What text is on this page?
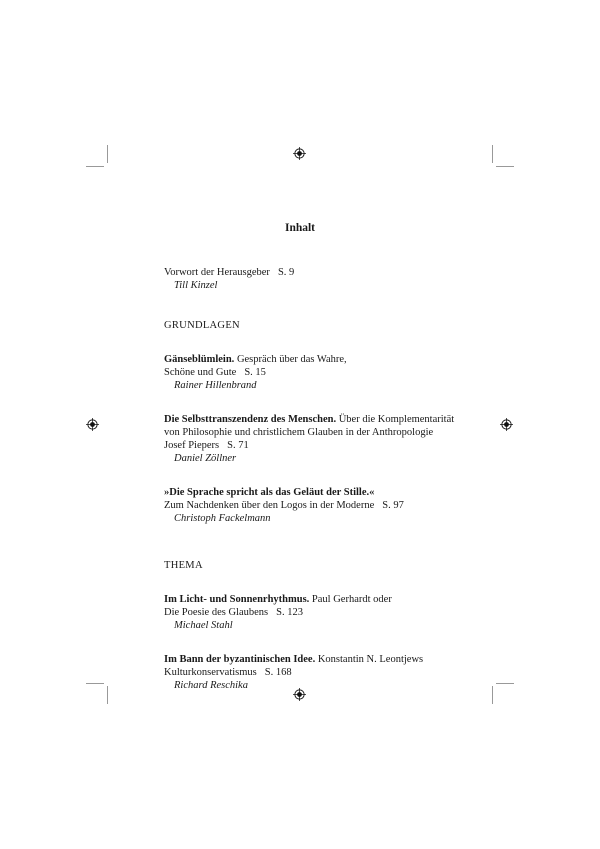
Inhalt

Vorwort der Herausgeber S. 9

Till Kinzel

GRUNDLAGEN

Gänseblümlein. Gespräch über das Wahre,

Schöne und Gute S. 15

Rainer Hillenbrand

Die Selbsttranszendenz des Menschen. Über die Komplementarität

von Philosophie und christlichem Glauben in der Anthropologie

Josef Piepers S. 71

Daniel Zöllner

»Die Sprache spricht als das Geläut der Stille.«

Zum Nachdenken über den Logos in der Moderne S. 97

Christoph Fackelmann

THEMA

Im Licht- und Sonnenrhythmus. Paul Gerhardt oder

Die Poesie des Glaubens S. 123

Michael Stahl

Im Bann der byzantinischen Idee. Konstantin N. Leontjews

Kulturkonservatismus S. 168

Richard Reschika
